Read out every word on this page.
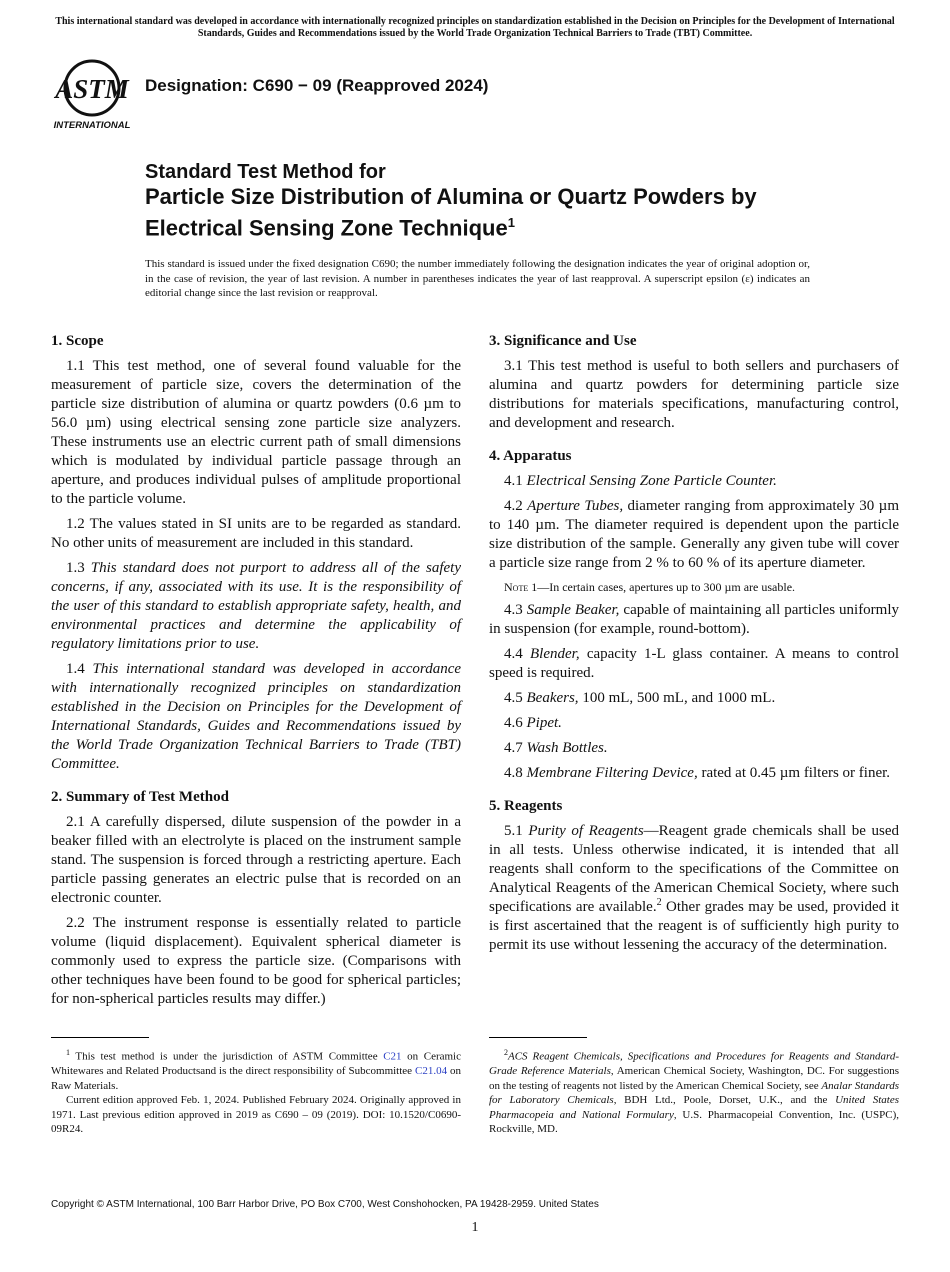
This international standard was developed in accordance with internationally recognized principles on standardization established in the Decision on Principles for the Development of International Standards, Guides and Recommendations issued by the World Trade Organization Technical Barriers to Trade (TBT) Committee.
ASTM
INTERNATIONAL
Designation: C690 − 09 (Reapproved 2024)
Standard Test Method for
Particle Size Distribution of Alumina or Quartz Powders by
Electrical Sensing Zone Technique$^1$
This standard is issued under the fixed designation C690; the number immediately following the designation indicates the year of original adoption or, in the case of revision, the year of last revision. A number in parentheses indicates the year of last reapproval. A superscript epsilon (ε) indicates an editorial change since the last revision or reapproval.
1. Scope

1.1 This test method, one of several found valuable for the measurement of particle size, covers the determination of the particle size distribution of alumina or quartz powders (0.6 µm to 56.0 µm) using electrical sensing zone particle size analyzers. These instruments use an electric current path of small dimensions which is modulated by individual particle passage through an aperture, and produces individual pulses of amplitude proportional to the particle volume.

1.2 The values stated in SI units are to be regarded as standard. No other units of measurement are included in this standard.

1.3 This standard does not purport to address all of the safety concerns, if any, associated with its use. It is the responsibility of the user of this standard to establish appropriate safety, health, and environmental practices and determine the applicability of regulatory limitations prior to use.

1.4 This international standard was developed in accordance with internationally recognized principles on standardization established in the Decision on Principles for the Development of International Standards, Guides and Recommendations issued by the World Trade Organization Technical Barriers to Trade (TBT) Committee.

2. Summary of Test Method

2.1 A carefully dispersed, dilute suspension of the powder in a beaker filled with an electrolyte is placed on the instrument sample stand. The suspension is forced through a restricting aperture. Each particle passing generates an electric pulse that is recorded on an electronic counter.

2.2 The instrument response is essentially related to particle volume (liquid displacement). Equivalent spherical diameter is commonly used to express the particle size. (Comparisons with other techniques have been found to be good for spherical particles; for non-spherical particles results may differ.)

3. Significance and Use

3.1 This test method is useful to both sellers and purchasers of alumina and quartz powders for determining particle size distributions for materials specifications, manufacturing control, and development and research.

4. Apparatus

4.1 Electrical Sensing Zone Particle Counter.

4.2 Aperture Tubes, diameter ranging from approximately 30 µm to 140 µm. The diameter required is dependent upon the particle size distribution of the sample. Generally any given tube will cover a particle size range from 2 % to 60 % of its aperture diameter.

Note 1—In certain cases, apertures up to 300 µm are usable.

4.3 Sample Beaker, capable of maintaining all particles uniformly in suspension (for example, round-bottom).

4.4 Blender, capacity 1-L glass container. A means to control speed is required.

4.5 Beakers, 100 mL, 500 mL, and 1000 mL.

4.6 Pipet.

4.7 Wash Bottles.

4.8 Membrane Filtering Device, rated at 0.45 µm filters or finer.

5. Reagents

5.1 Purity of Reagents—Reagent grade chemicals shall be used in all tests. Unless otherwise indicated, it is intended that all reagents shall conform to the specifications of the Committee on Analytical Reagents of the American Chemical Society, where such specifications are available.$^2$ Other grades may be used, provided it is first ascertained that the reagent is of sufficiently high purity to permit its use without lessening the accuracy of the determination.

$^1$ This test method is under the jurisdiction of ASTM Committee C21 on Ceramic Whitewares and Related Productsand is the direct responsibility of Subcommittee C21.04 on Raw Materials.

Current edition approved Feb. 1, 2024. Published February 2024. Originally approved in 1971. Last previous edition approved in 2019 as C690 – 09 (2019). DOI: 10.1520/C0690-09R24.

$^2$ACS Reagent Chemicals, Specifications and Procedures for Reagents and Standard-Grade Reference Materials, American Chemical Society, Washington, DC. For suggestions on the testing of reagents not listed by the American Chemical Society, see Analar Standards for Laboratory Chemicals, BDH Ltd., Poole, Dorset, U.K., and the United States Pharmacopeia and National Formulary, U.S. Pharmacopeial Convention, Inc. (USPC), Rockville, MD.

Copyright © ASTM International, 100 Barr Harbor Drive, PO Box C700, West Conshohocken, PA 19428-2959. United States
1
